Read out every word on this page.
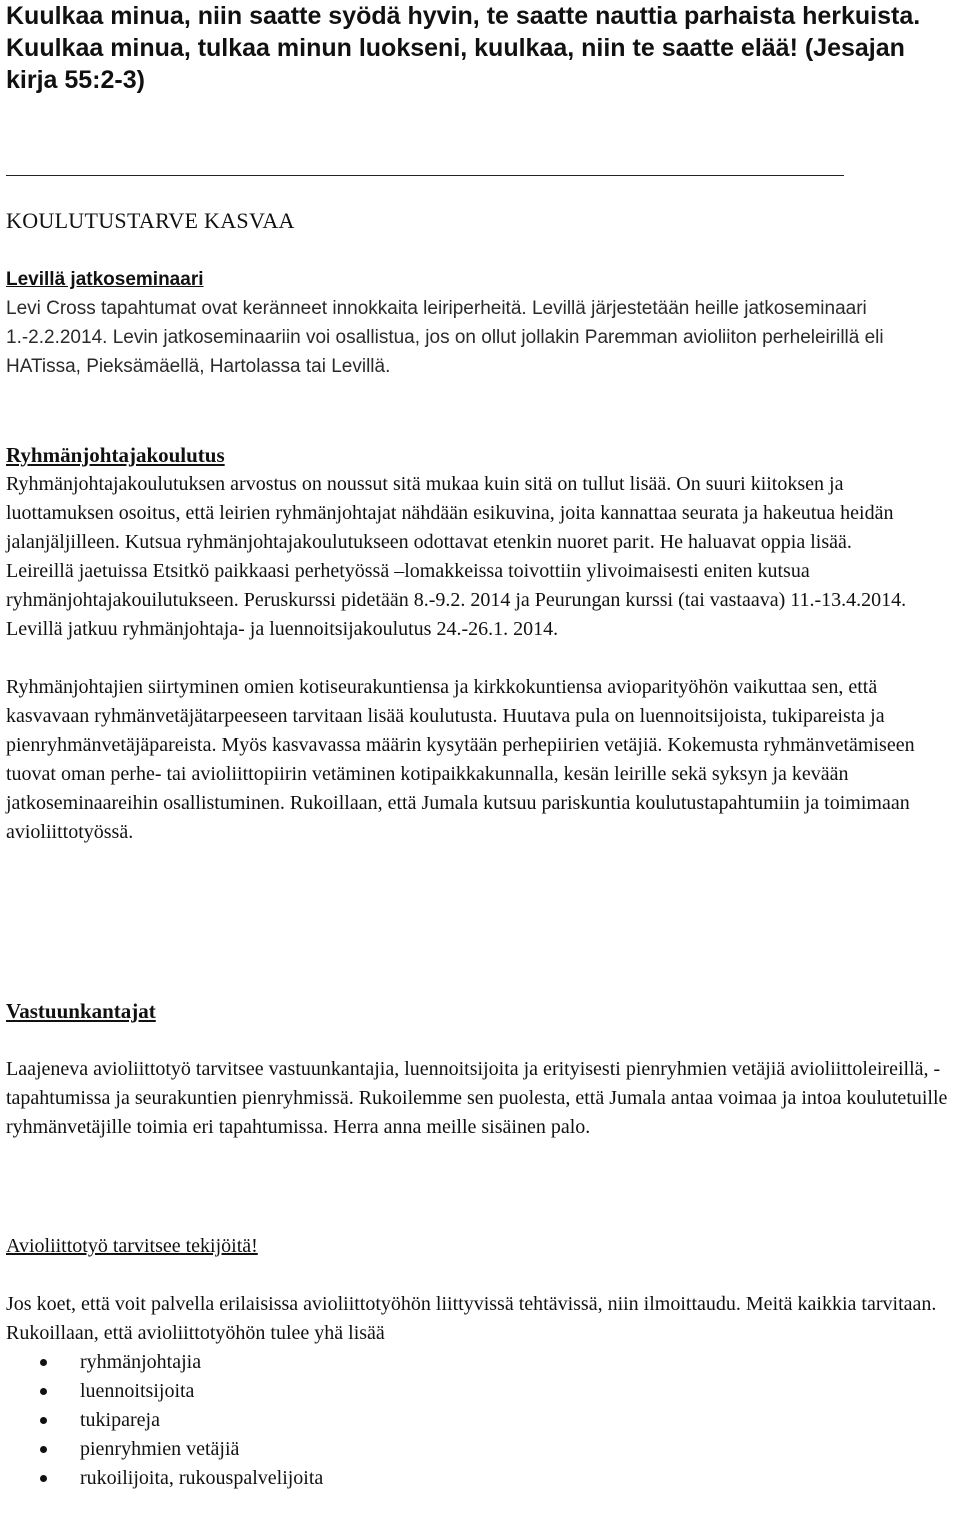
Kuulkaa minua, niin saatte syödä hyvin, te saatte nauttia parhaista herkuista. Kuulkaa minua, tulkaa minun luokseni, kuulkaa, niin te saatte elää! (Jesajan kirja 55:2-3)

KOULUTUSTARVE KASVAA

Levillä jatkoseminaari

Levi Cross tapahtumat ovat keränneet innokkaita leiriperheitä. Levillä järjestetään heille jatkoseminaari 1.-2.2.2014. Levin jatkoseminaariin voi osallistua, jos on ollut jollakin Paremman avioliiton perheleirillä eli HATissa, Pieksämäellä, Hartolassa tai Levillä.

Ryhmänjohtajakoulutus

Ryhmänjohtajakoulutuksen arvostus on noussut sitä mukaa kuin sitä on tullut lisää. On suuri kiitoksen ja luottamuksen osoitus, että leirien ryhmänjohtajat nähdään esikuvina, joita kannattaa seurata ja hakeutua heidän jalanjäljilleen. Kutsua ryhmänjohtajakoulutukseen odottavat etenkin nuoret parit. He haluavat oppia lisää.

Leireillä jaetuissa Etsitkö paikkaasi perhetyössä –lomakkeissa toivottiin ylivoimaisesti eniten kutsua ryhmänjohtajakouilutukseen. Peruskurssi pidetään 8.-9.2. 2014 ja Peurungan kurssi (tai vastaava) 11.-13.4.2014. Levillä jatkuu ryhmänjohtaja- ja luennoitsijakoulutus 24.-26.1. 2014.

Ryhmänjohtajien siirtyminen omien kotiseurakuntiensa ja kirkkokuntiensa avioparityöhön vaikuttaa sen, että kasvavaan ryhmänvetäjätarpeeseen tarvitaan lisää koulutusta. Huutava pula on luennoitsijoista, tukipareista ja pienryhmänvetäjäpareista. Myös kasvavassa määrin kysytään perhepiirien vetäjiä. Kokemusta ryhmänvetämiseen tuovat oman perhe- tai avioliittopiirin vetäminen kotipaikkakunnalla, kesän leirille sekä syksyn ja kevään jatkoseminaareihin osallistuminen. Rukoillaan, että Jumala kutsuu pariskuntia koulutustapahtumiin ja toimimaan avioliittotyössä.

Vastuunkantajat

Laajeneva avioliittotyö tarvitsee vastuunkantajia, luennoitsijoita ja erityisesti pienryhmien vetäjiä avioliittoleireillä, -tapahtumissa ja seurakuntien pienryhmissä. Rukoilemme sen puolesta, että Jumala antaa voimaa ja intoa koulutetuille ryhmänvetäjille toimia eri tapahtumissa. Herra anna meille sisäinen palo.

Avioliittotyö tarvitsee tekijöitä!

Jos koet, että voit palvella erilaisissa avioliittotyöhön liittyvissä tehtävissä, niin ilmoittaudu. Meitä kaikkia tarvitaan.

Rukoillaan, että avioliittotyöhön tulee yhä lisää

ryhmänjohtajia
luennoitsijoita
tukipareja
pienryhmien vetäjiä
rukoilijoita, rukouspalvelijoita
